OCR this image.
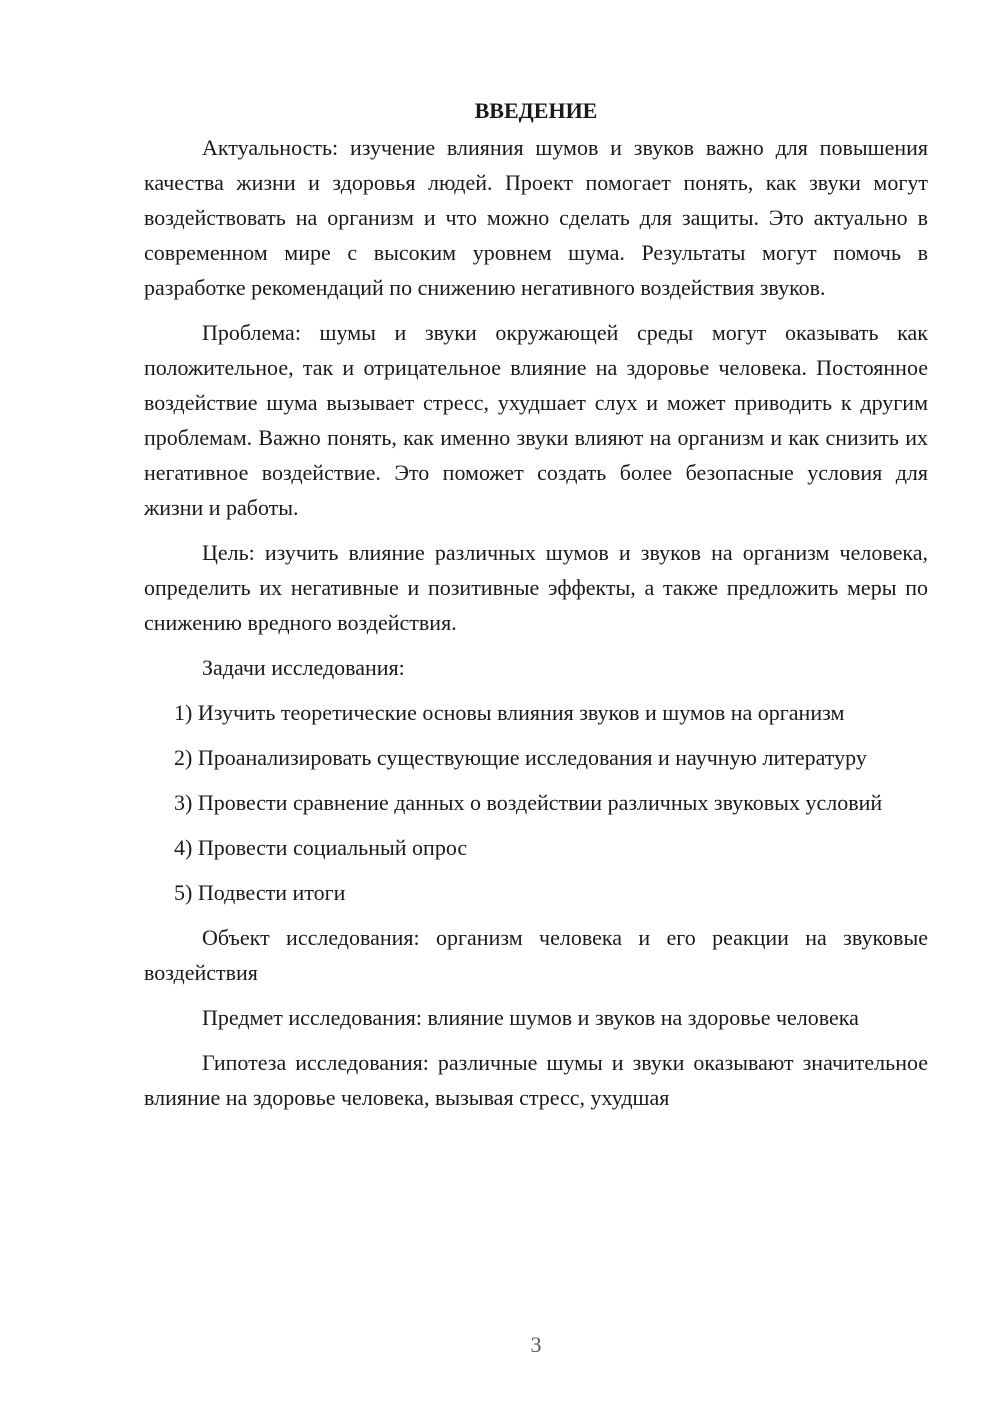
ВВЕДЕНИЕ

Актуальность: изучение влияния шумов и звуков важно для повышения качества жизни и здоровья людей. Проект помогает понять, как звуки могут воздействовать на организм и что можно сделать для защиты. Это актуально в современном мире с высоким уровнем шума. Результаты могут помочь в разработке рекомендаций по снижению негативного воздействия звуков.

Проблема: шумы и звуки окружающей среды могут оказывать как положительное, так и отрицательное влияние на здоровье человека. Постоянное воздействие шума вызывает стресс, ухудшает слух и может приводить к другим проблемам. Важно понять, как именно звуки влияют на организм и как снизить их негативное воздействие. Это поможет создать более безопасные условия для жизни и работы.

Цель: изучить влияние различных шумов и звуков на организм человека, определить их негативные и позитивные эффекты, а также предложить меры по снижению вредного воздействия.

Задачи исследования:

1) Изучить теоретические основы влияния звуков и шумов на организм

2) Проанализировать существующие исследования и научную литературу

3) Провести сравнение данных о воздействии различных звуковых условий

4) Провести социальный опрос

5) Подвести итоги

Объект исследования: организм человека и его реакции на звуковые воздействия

Предмет исследования: влияние шумов и звуков на здоровье человека

Гипотеза исследования: различные шумы и звуки оказывают значительное влияние на здоровье человека, вызывая стресс, ухудшая

3
